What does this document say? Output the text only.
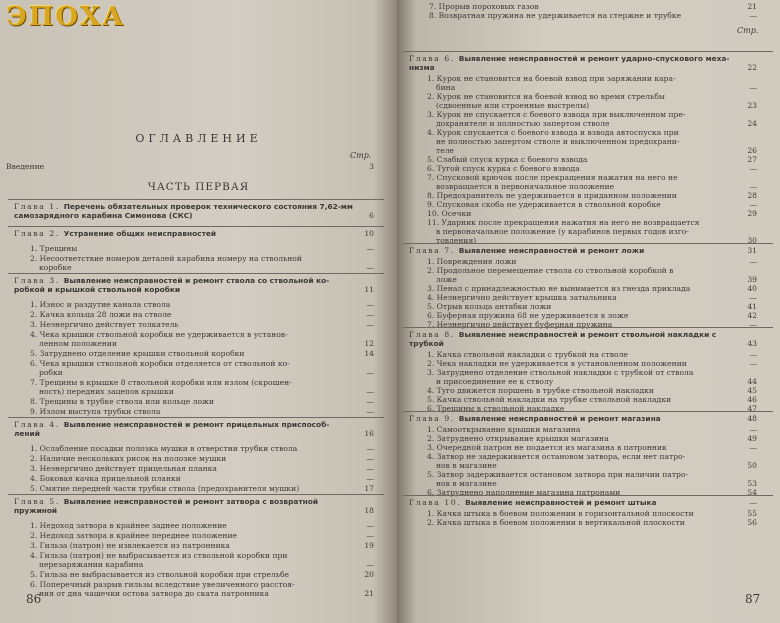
ЭПОХА
ОГЛАВЛЕНИЕ
Стр.
Введение	3
ЧАСТЬ ПЕРВАЯ
Глава 1. Перечень обязательных проверок технического состояния 7,62-мм
самозарядного карабина Симонова (СКС)	6
Глава 2. Устранение общих неисправностей	10
1. Трещины	—
2. Несоответствие номеров деталей карабина номеру на ствольной
коробке	—
Глава 3. Выявление неисправностей и ремонт ствола со ствольной ко-
робкой и крышкой ствольной коробки	11
1. Износ и раздутие канала ствола	—
2. Качка кольца 28 ложи на стволе	—
3. Неэнергично действует толкатель	—
4. Чека крышки ствольной коробки не удерживается в установ-
ленном положении	12
5. Затруднено отделение крышки ствольной коробки	14
6. Чека крышки ствольной коробки отделяется от ствольной ко-
робки	—
7. Трещины в крышке 8 ствольной коробки или излом (скрошен-
ность) передних зацепов крышки	—
8. Трещины в трубке ствола или кольце ложи	—
9. Излом выступа трубки ствола	—
Глава 4. Выявление неисправностей и ремонт прицельных приспособ-
лений	16
1. Ослабление посадки полозка мушки в отверстии трубки ствола	—
2. Наличие нескольких рисок на полозке мушки	—
3. Неэнергично действует прицельная планка	—
4. Боковая качка прицельной планки	—
5. Смятие передней части трубки ствола (предохранителя мушки)	17
Глава 5. Выявление неисправностей и ремонт затвора с возвратной
пружиной	18
1. Недоход затвора в крайнее заднее положение	—
2. Недоход затвора в крайнее переднее положение	—
3. Гильза (патрон) не извлекается из патронника	19
4. Гильза (патрон) не выбрасывается из ствольной коробки при
перезаряжании карабина	—
5. Гильза не выбрасывается из ствольной коробки при стрельбе	20
6. Поперечный разрыв гильзы вследствие увеличенного расстоя-
ния от дна чашечки остова затвора до ската патронника	21
86
7. Прорыв пороховых газов	21
8. Возвратная пружина не удерживается на стержне и трубке	—
Стр.
Глава 6. Выявление неисправностей и ремонт ударно-спускового меха-
низма	22
1. Курок не становится на боевой взвод при заряжании кара-
бина	—
2. Курок не становится на боевой взвод во время стрельбы
(сдвоенные или строенные выстрелы)	23
3. Курок не спускается с боевого взвода при выключенном пре-
дохранителе и полностью запертом стволе	24
4. Курок спускается с боевого взвода и взвода автоспуска при
не полностью запертом стволе и выключенном предохрани-
теле	26
5. Слабый спуск курка с боевого взвода	27
6. Тугой спуск курка с боевого взвода	—
7. Спусковой крючок после прекращения нажатия на него не
возвращается в первоначальное положение	—
8. Предохранитель не удерживается в приданном положении	28
9. Спусковая скоба не удерживается в ствольной коробке	—
10. Осечки	29
11. Ударник после прекращения нажатия на него не возвращается
в первоначальное положение (у карабинов первых годов изго-
товления)	30
Глава 7. Выявление неисправностей и ремонт ложи	31
1. Повреждения ложи	—
2. Продольное перемещение ствола со ствольной коробкой в
ложе	39
3. Пенал с принадлежностью не вынимается из гнезда приклада	40
4. Неэнергично действует крышка затыльника	—
5. Отрыв кольца антабки ложи	41
6. Буферная пружина 68 не удерживается в ложе	42
7. Неэнергично действует буферная пружина	—
Глава 8. Выявление неисправностей и ремонт ствольной накладки с
трубкой	43
1. Качка ствольной накладки с трубкой на стволе	—
2. Чека накладки не удерживается в установленном положении	—
3. Затруднено отделение ствольной накладки с трубкой от ствола
и присоединение ее к стволу	44
4. Туго движется поршень в трубке ствольной накладки	45
5. Качка ствольной накладки на трубке ствольной накладки	46
6. Трещины в ствольной накладке	47
Глава 9. Выявление неисправностей и ремонт магазина	48
1. Самооткрывание крышки магазина	—
2. Затруднено открывание крышки магазина	49
3. Очередной патрон не подается из магазина в патронник	—
4. Затвор не задерживается остановом затвора, если нет патро-
нов в магазине	50
5. Затвор задерживается остановом затвора при наличии патро-
нов в магазине	53
6. Затруднено наполнение магазина патронами	54
Глава 10. Выявление неисправностей и ремонт штыка	—
1. Качка штыка в боевом положении в горизонтальной плоскости	55
2. Качка штыка в боевом положении в вертикальной плоскости	56
87
